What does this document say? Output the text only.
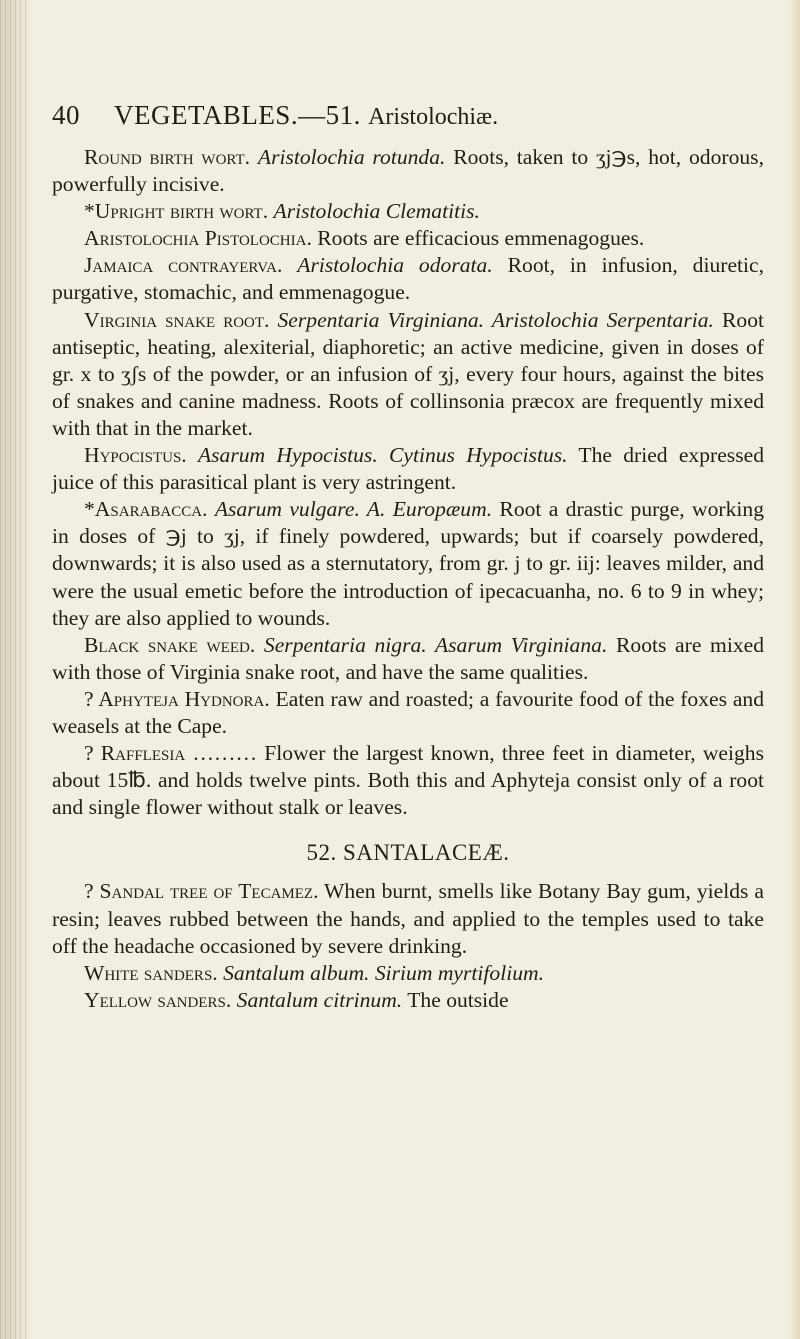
40	VEGETABLES.—51. Aristolochiæ.

Round birth wort. Aristolochia rotunda. Roots, taken to ʒj℈s, hot, odorous, powerfully incisive.

*Upright birth wort. Aristolochia Clematitis.

Aristolochia Pistolochia. Roots are efficacious emmenagogues.

Jamaica contrayerva. Aristolochia odorata. Root, in infusion, diuretic, purgative, stomachic, and emmenagogue.

Virginia snake root. Serpentaria Virginiana. Aristolochia Serpentaria. Root antiseptic, heating, alexiterial, diaphoretic; an active medicine, given in doses of gr. x to ʒʃs of the powder, or an infusion of ʒj, every four hours, against the bites of snakes and canine madness. Roots of collinsonia præcox are frequently mixed with that in the market.

Hypocistus. Asarum Hypocistus. Cytinus Hypocistus. The dried expressed juice of this parasitical plant is very astringent.

*Asarabacca. Asarum vulgare. A. Europæum. Root a drastic purge, working in doses of ℈j to ʒj, if finely powdered, upwards; but if coarsely powdered, downwards; it is also used as a sternutatory, from gr. j to gr. iij: leaves milder, and were the usual emetic before the introduction of ipecacuanha, no. 6 to 9 in whey; they are also applied to wounds.

Black snake weed. Serpentaria nigra. Asarum Virginiana. Roots are mixed with those of Virginia snake root, and have the same qualities.

? Aphyteja Hydnora. Eaten raw and roasted; a favourite food of the foxes and weasels at the Cape.

? Rafflesia ……… Flower the largest known, three feet in diameter, weighs about 15℔. and holds twelve pints. Both this and Aphyteja consist only of a root and single flower without stalk or leaves.

52. SANTALACEÆ.

? Sandal tree of Tecamez. When burnt, smells like Botany Bay gum, yields a resin; leaves rubbed between the hands, and applied to the temples used to take off the headache occasioned by severe drinking.

White sanders. Santalum album. Sirium myrtifolium.

Yellow sanders. Santalum citrinum. The outside
